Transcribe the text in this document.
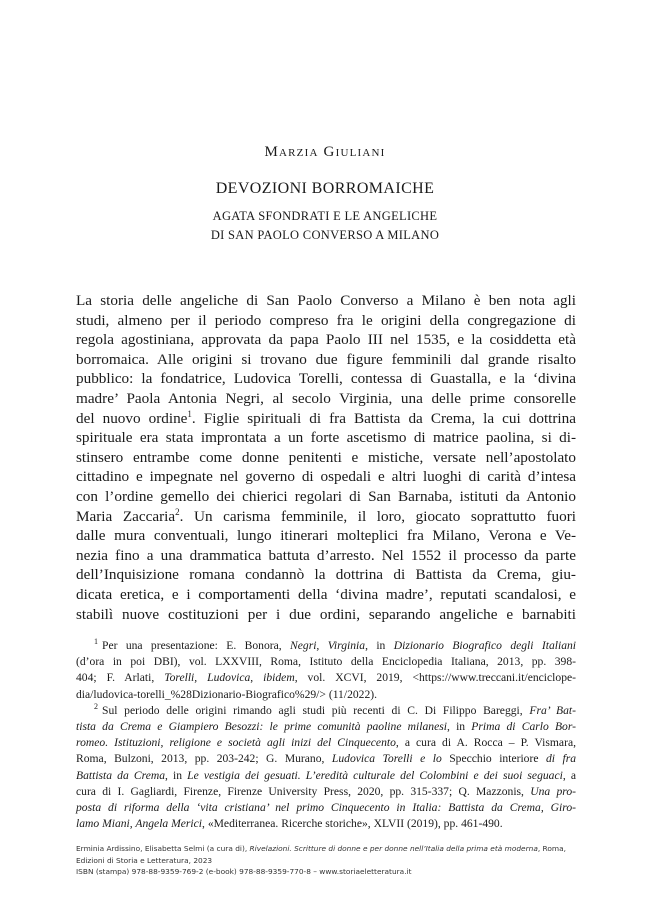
Marzia Giuliani
DEVOZIONI BORROMAICHE
AGATA SFONDRATI E LE ANGELICHE
DI SAN PAOLO CONVERSO A MILANO
La storia delle angeliche di San Paolo Converso a Milano è ben nota agli
studi, almeno per il periodo compreso fra le origini della congregazione di
regola agostiniana, approvata da papa Paolo III nel 1535, e la cosiddetta età
borromaica. Alle origini si trovano due figure femminili dal grande risalto
pubblico: la fondatrice, Ludovica Torelli, contessa di Guastalla, e la ‘divina
madre’ Paola Antonia Negri, al secolo Virginia, una delle prime consorelle
del nuovo ordine$^1$. Figlie spirituali di fra Battista da Crema, la cui dottrina
spirituale era stata improntata a un forte ascetismo di matrice paolina, si di-
stinsero entrambe come donne penitenti e mistiche, versate nell’apostolato
cittadino e impegnate nel governo di ospedali e altri luoghi di carità d’intesa
con l’ordine gemello dei chierici regolari di San Barnaba, istituti da Antonio
Maria Zaccaria$^2$. Un carisma femminile, il loro, giocato soprattutto fuori
dalle mura conventuali, lungo itinerari molteplici fra Milano, Verona e Ve-
nezia fino a una drammatica battuta d’arresto. Nel 1552 il processo da parte
dell’Inquisizione romana condannò la dottrina di Battista da Crema, giu-
dicata eretica, e i comportamenti della ‘divina madre’, reputati scandalosi, e
stabilì nuove costituzioni per i due ordini, separando angeliche e barnabiti
$^1$ Per una presentazione: E. Bonora, Negri, Virginia, in Dizionario Biografico degli Italiani
(d’ora in poi DBI), vol. LXXVIII, Roma, Istituto della Enciclopedia Italiana, 2013, pp. 398-
404; F. Arlati, Torelli, Ludovica, ibidem, vol. XCVI, 2019, <https://www.treccani.it/enciclope-
dia/ludovica-torelli_%28Dizionario-Biografico%29/> (11/2022).
$^2$ Sul periodo delle origini rimando agli studi più recenti di C. Di Filippo Bareggi, Fra’ Bat-
tista da Crema e Giampiero Besozzi: le prime comunità paoline milanesi, in Prima di Carlo Bor-
romeo. Istituzioni, religione e società agli inizi del Cinquecento, a cura di A. Rocca – P. Vismara,
Roma, Bulzoni, 2013, pp. 203-242; G. Murano, Ludovica Torelli e lo Specchio interiore di fra
Battista da Crema, in Le vestigia dei gesuati. L’eredità culturale del Colombini e dei suoi seguaci, a
cura di I. Gagliardi, Firenze, Firenze University Press, 2020, pp. 315-337; Q. Mazzonis, Una pro-
posta di riforma della ‘vita cristiana’ nel primo Cinquecento in Italia: Battista da Crema, Giro-
lamo Miani, Angela Merici, «Mediterranea. Ricerche storiche», XLVII (2019), pp. 461-490.
Erminia Ardissino, Elisabetta Selmi (a cura di), Rivelazioni. Scritture di donne e per donne nell’Italia della prima età moderna, Roma,
Edizioni di Storia e Letteratura, 2023
ISBN (stampa) 978-88-9359-769-2 (e-book) 978-88-9359-770-8 – www.storiaeletteratura.it
